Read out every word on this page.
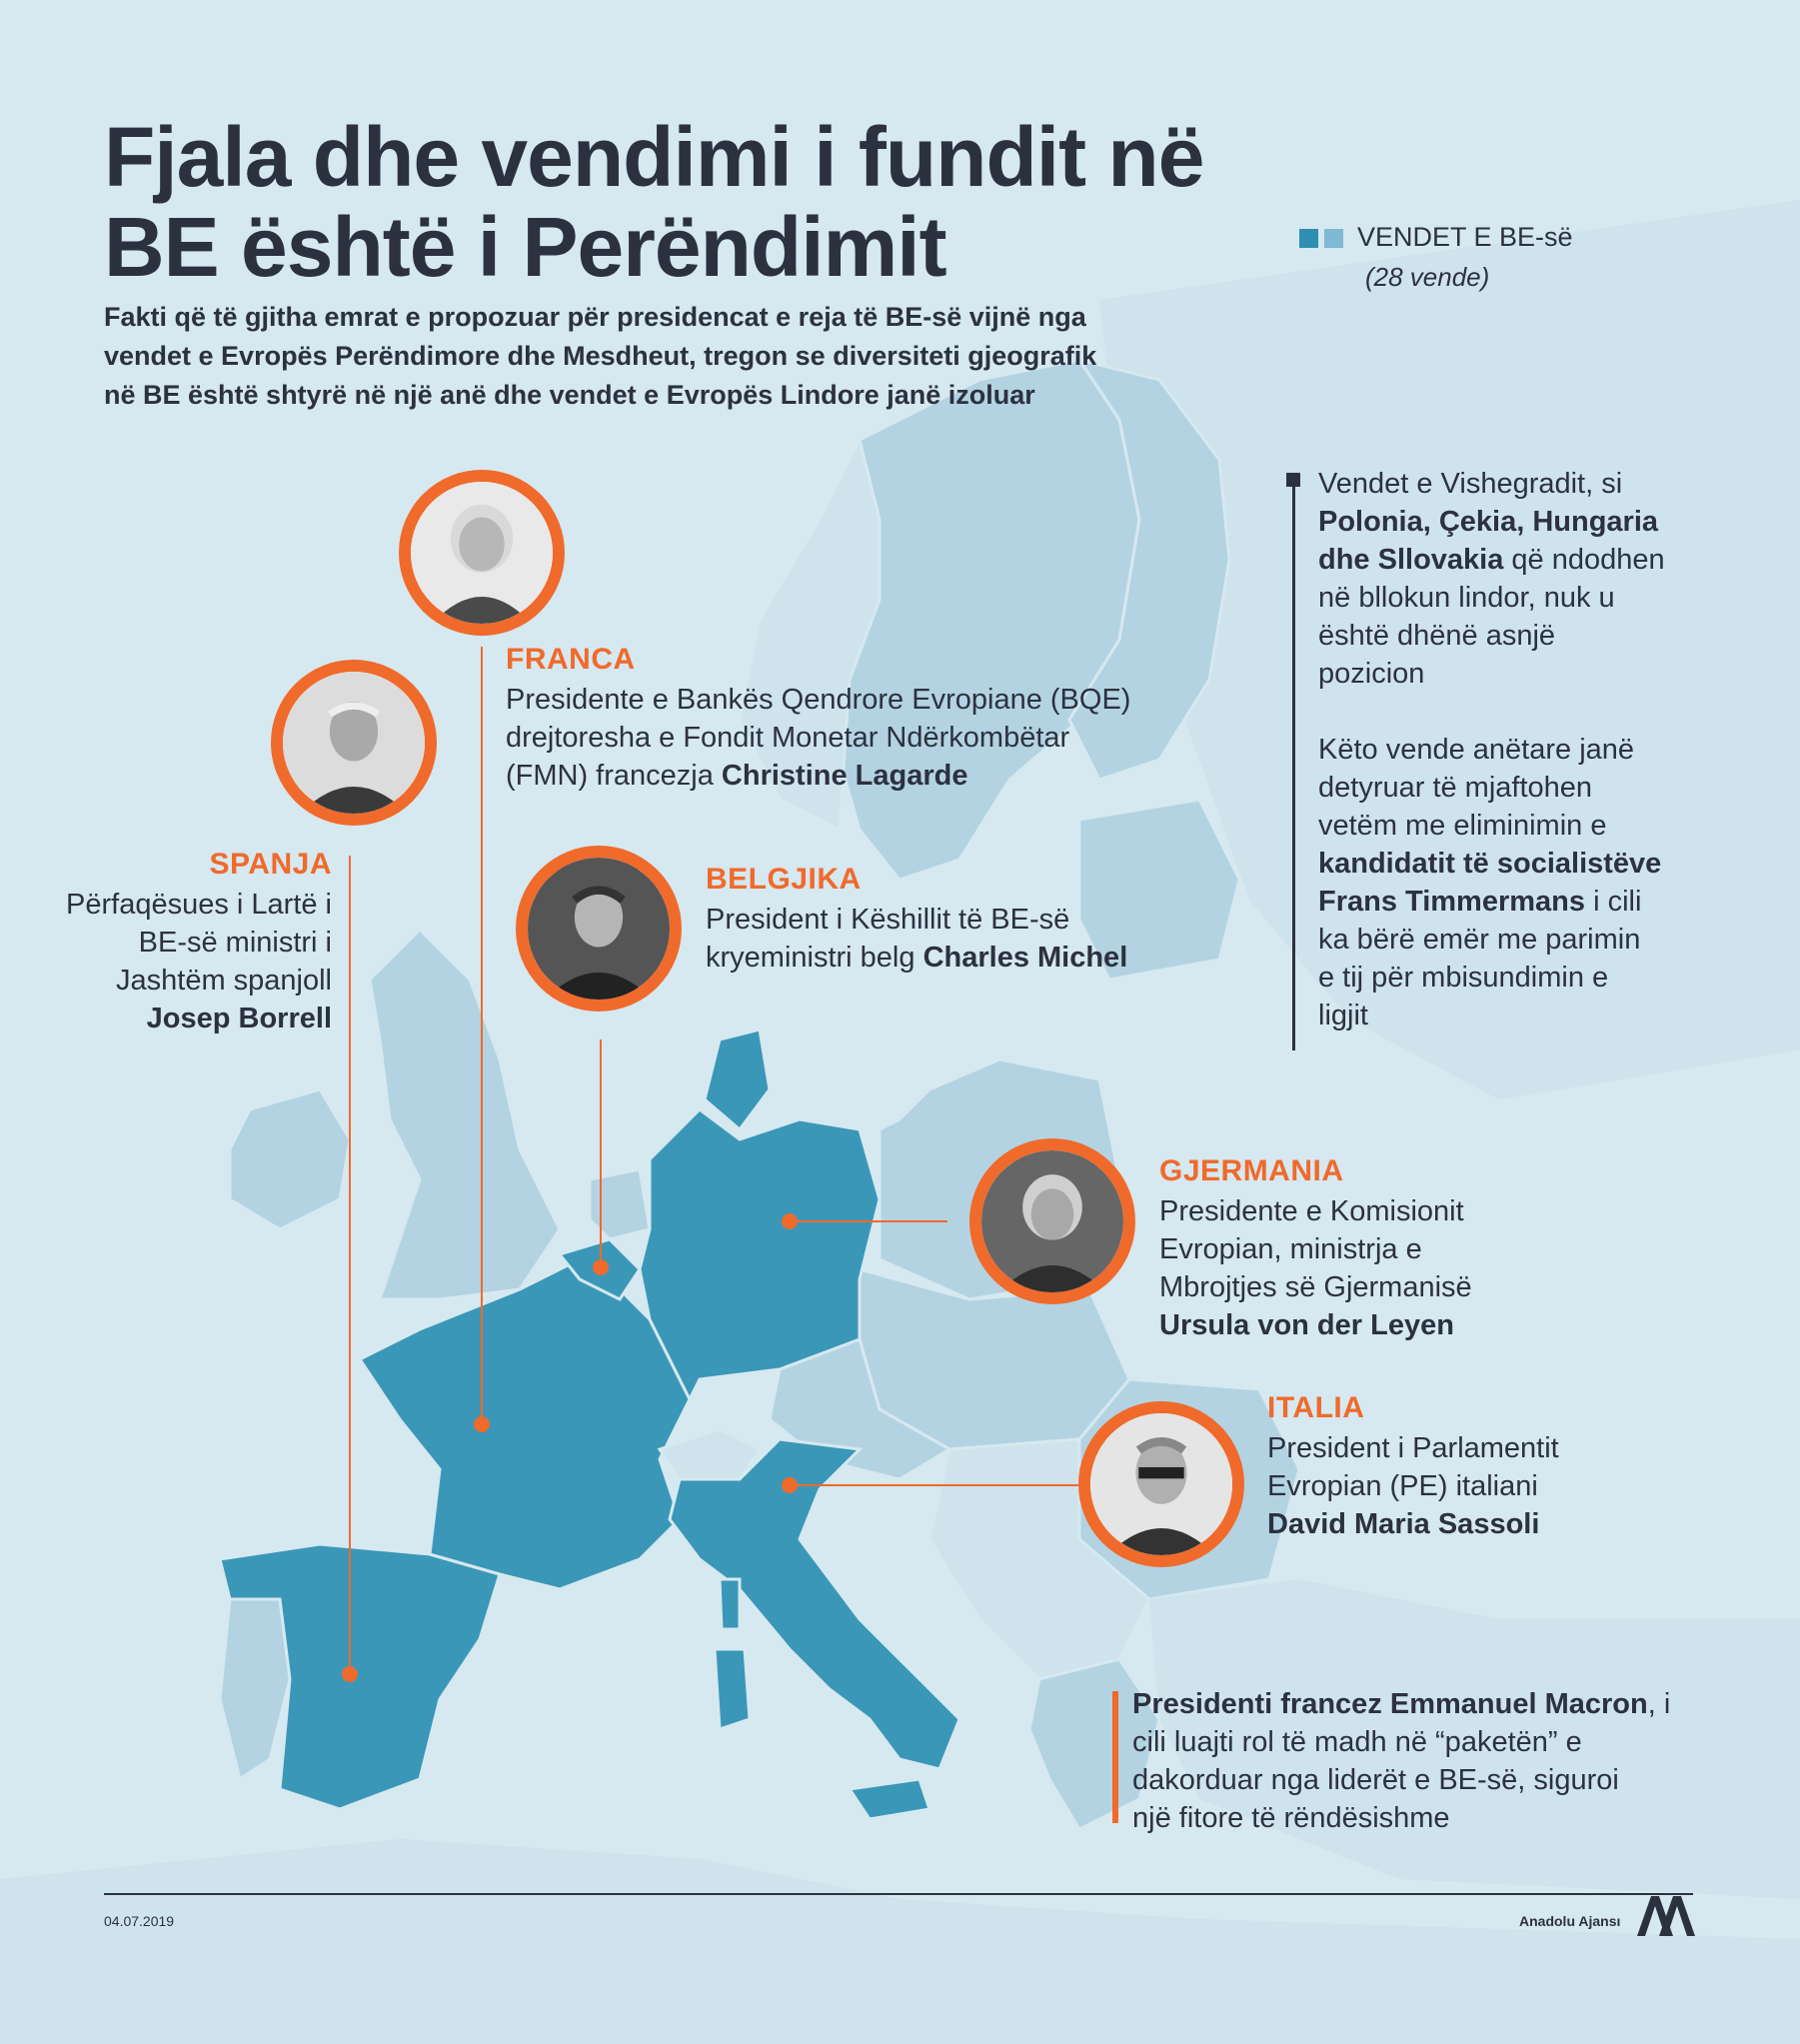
Fjala dhe vendimi i fundit në
BE është i Perëndimit
Fakti që të gjitha emrat e propozuar për presidencat e reja të BE-së vijnë nga
vendet e Evropës Perëndimore dhe Mesdheut, tregon se diversiteti gjeografik
në BE është shtyrë në një anë dhe vendet e Evropës Lindore janë izoluar
VENDET E BE-së
(28 vende)
FRANCA
Presidente e Bankës Qendrore Evropiane (BQE)
drejtoresha e Fondit Monetar Ndërkombëtar
(FMN) francezja Christine Lagarde
SPANJA
Përfaqësues i Lartë i
BE-së ministri i
Jashtëm spanjoll
Josep Borrell
BELGJIKA
President i Këshillit të BE-së
kryeministri belg Charles Michel
GJERMANIA
Presidente e Komisionit
Evropian, ministrja e
Mbrojtjes së Gjermanisë
Ursula von der Leyen
ITALIA
President i Parlamentit
Evropian (PE) italiani
David Maria Sassoli
Vendet e Vishegradit, si
Polonia, Çekia, Hungaria
dhe Sllovakia që ndodhen
në bllokun lindor, nuk u
është dhënë asnjë
pozicion
Këto vende anëtare janë
detyruar të mjaftohen
vetëm me eliminimin e
kandidatit të socialistëve
Frans Timmermans i cili
ka bërë emër me parimin
e tij për mbisundimin e
ligjit
Presidenti francez Emmanuel Macron, i
cili luajti rol të madh në “paketën” e
dakorduar nga liderët e BE-së, siguroi
një fitore të rëndësishme
04.07.2019	Anadolu Ajansı	AA
